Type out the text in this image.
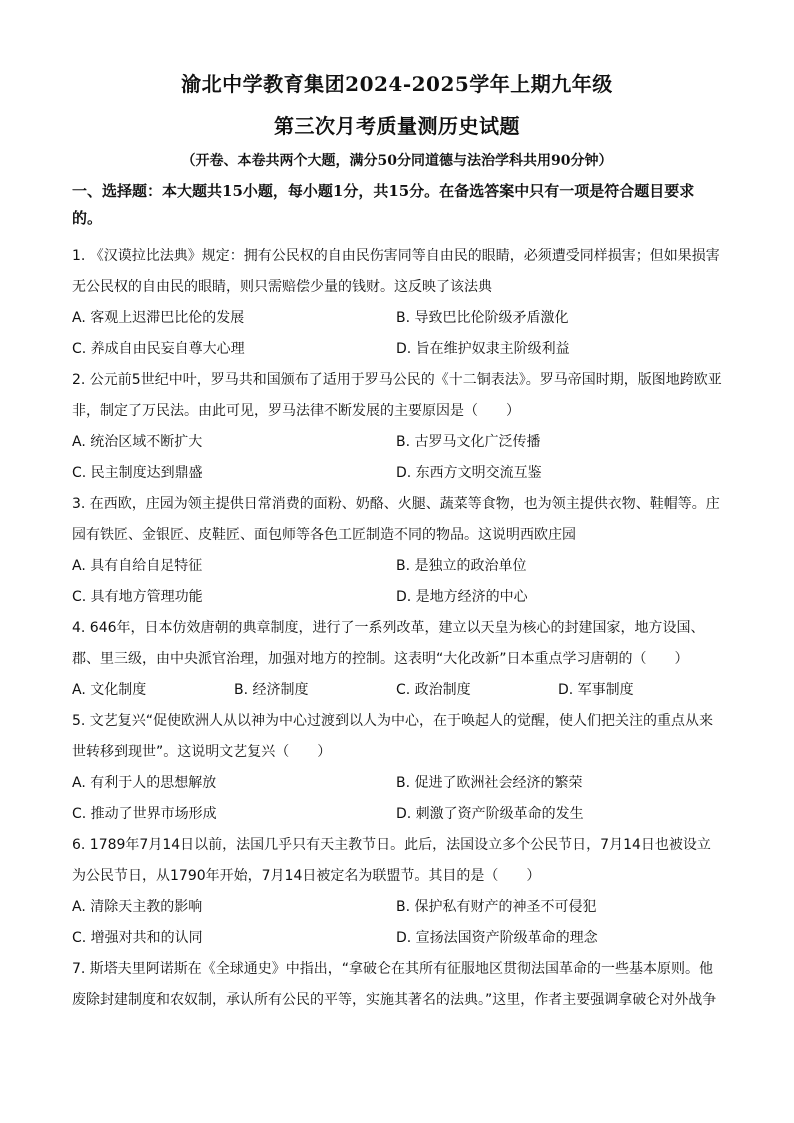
渝北中学教育集团2024-2025学年上期九年级
第三次月考质量测历史试题
（开卷、本卷共两个大题，满分50分同道德与法治学科共用90分钟）
一、选择题：本大题共15小题，每小题1分，共15分。在备选答案中只有一项是符合题目要求的。
1. 《汉谟拉比法典》规定：拥有公民权的自由民伤害同等自由民的眼睛，必须遭受同样损害；但如果损害无公民权的自由民的眼睛，则只需赔偿少量的钱财。这反映了该法典
A. 客观上迟滞巴比伦的发展	B. 导致巴比伦阶级矛盾激化
C. 养成自由民妄自尊大心理	D. 旨在维护奴隶主阶级利益
2. 公元前5世纪中叶，罗马共和国颁布了适用于罗马公民的《十二铜表法》。罗马帝国时期，版图地跨欧亚非，制定了万民法。由此可见，罗马法律不断发展的主要原因是（　　）
A. 统治区域不断扩大	B. 古罗马文化广泛传播
C. 民主制度达到鼎盛	D. 东西方文明交流互鉴
3. 在西欧，庄园为领主提供日常消费的面粉、奶酪、火腿、蔬菜等食物，也为领主提供衣物、鞋帽等。庄园有铁匠、金银匠、皮鞋匠、面包师等各色工匠制造不同的物品。这说明西欧庄园
A. 具有自给自足特征	B. 是独立的政治单位
C. 具有地方管理功能	D. 是地方经济的中心
4. 646年，日本仿效唐朝的典章制度，进行了一系列改革，建立以天皇为核心的封建国家，地方设国、郡、里三级，由中央派官治理，加强对地方的控制。这表明“大化改新”日本重点学习唐朝的（　　）
A. 文化制度	B. 经济制度	C. 政治制度	D. 军事制度
5. 文艺复兴“促使欧洲人从以神为中心过渡到以人为中心，在于唤起人的觉醒，使人们把关注的重点从来世转移到现世”。这说明文艺复兴（　　）
A. 有利于人的思想解放	B. 促进了欧洲社会经济的繁荣
C. 推动了世界市场形成	D. 刺激了资产阶级革命的发生
6. 1789年7月14日以前，法国几乎只有天主教节日。此后，法国设立多个公民节日，7月14日也被设立为公民节日，从1790年开始，7月14日被定名为联盟节。其目的是（　　）
A. 清除天主教的影响	B. 保护私有财产的神圣不可侵犯
C. 增强对共和的认同	D. 宣扬法国资产阶级革命的理念
7. 斯塔夫里阿诺斯在《全球通史》中指出，“拿破仑在其所有征服地区贯彻法国革命的一些基本原则。他废除封建制度和农奴制，承认所有公民的平等，实施其著名的法典。”这里，作者主要强调拿破仑对外战争
